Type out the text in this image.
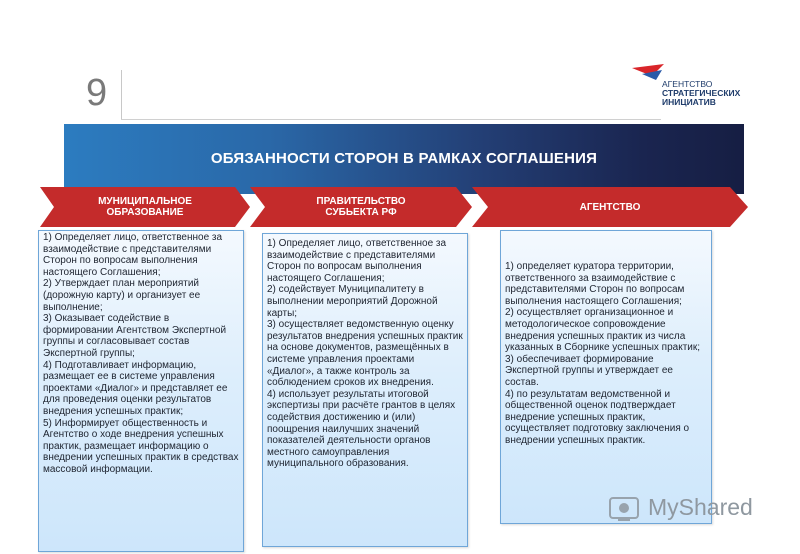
9	АГЕНТСТВО
СТРАТЕГИЧЕСКИХ
ИНИЦИАТИВ
ОБЯЗАННОСТИ СТОРОН В РАМКАХ СОГЛАШЕНИЯ
МУНИЦИПАЛЬНОЕ
ОБРАЗОВАНИЕ
ПРАВИТЕЛЬСТВО
СУБЬЕКТА РФ	АГЕНТСТВО
1) Определяет лицо, ответственное за взаимодействие с представителями Сторон по вопросам выполнения настоящего Соглашения;
2) Утверждает план мероприятий (дорожную карту) и организует ее выполнение;
3) Оказывает содействие в формировании Агентством Экспертной группы и согласовывает состав Экспертной группы;
4) Подготавливает информацию, размещает ее в системе управления проектами «Диалог» и представляет ее для проведения оценки результатов внедрения успешных практик;
5) Информирует общественность и Агентство о ходе внедрения успешных практик, размещает информацию о внедрении успешных практик в средствах массовой информации.
1) Определяет лицо, ответственное за взаимодействие с представителями Сторон по вопросам выполнения настоящего Соглашения;
2) содействует Муниципалитету в выполнении мероприятий Дорожной карты;
3) осуществляет ведомственную оценку результатов внедрения успешных практик на основе документов, размещённых в системе управления проектами «Диалог», а также контроль за соблюдением сроков их внедрения.
4) использует результаты итоговой экспертизы при расчёте грантов в целях содействия достижению и (или) поощрения наилучших значений показателей деятельности органов местного самоуправления муниципального образования.
1) определяет куратора территории, ответственного за взаимодействие с представителями Сторон по вопросам выполнения настоящего Соглашения;
2) осуществляет организационное и методологическое сопровождение внедрения успешных практик из числа указанных в Сборнике успешных практик;
3) обеспечивает формирование Экспертной группы и утверждает ее состав.
4) по результатам ведомственной и общественной оценок подтверждает внедрение успешных практик, осуществляет подготовку заключения о внедрении успешных практик.
MyShared
